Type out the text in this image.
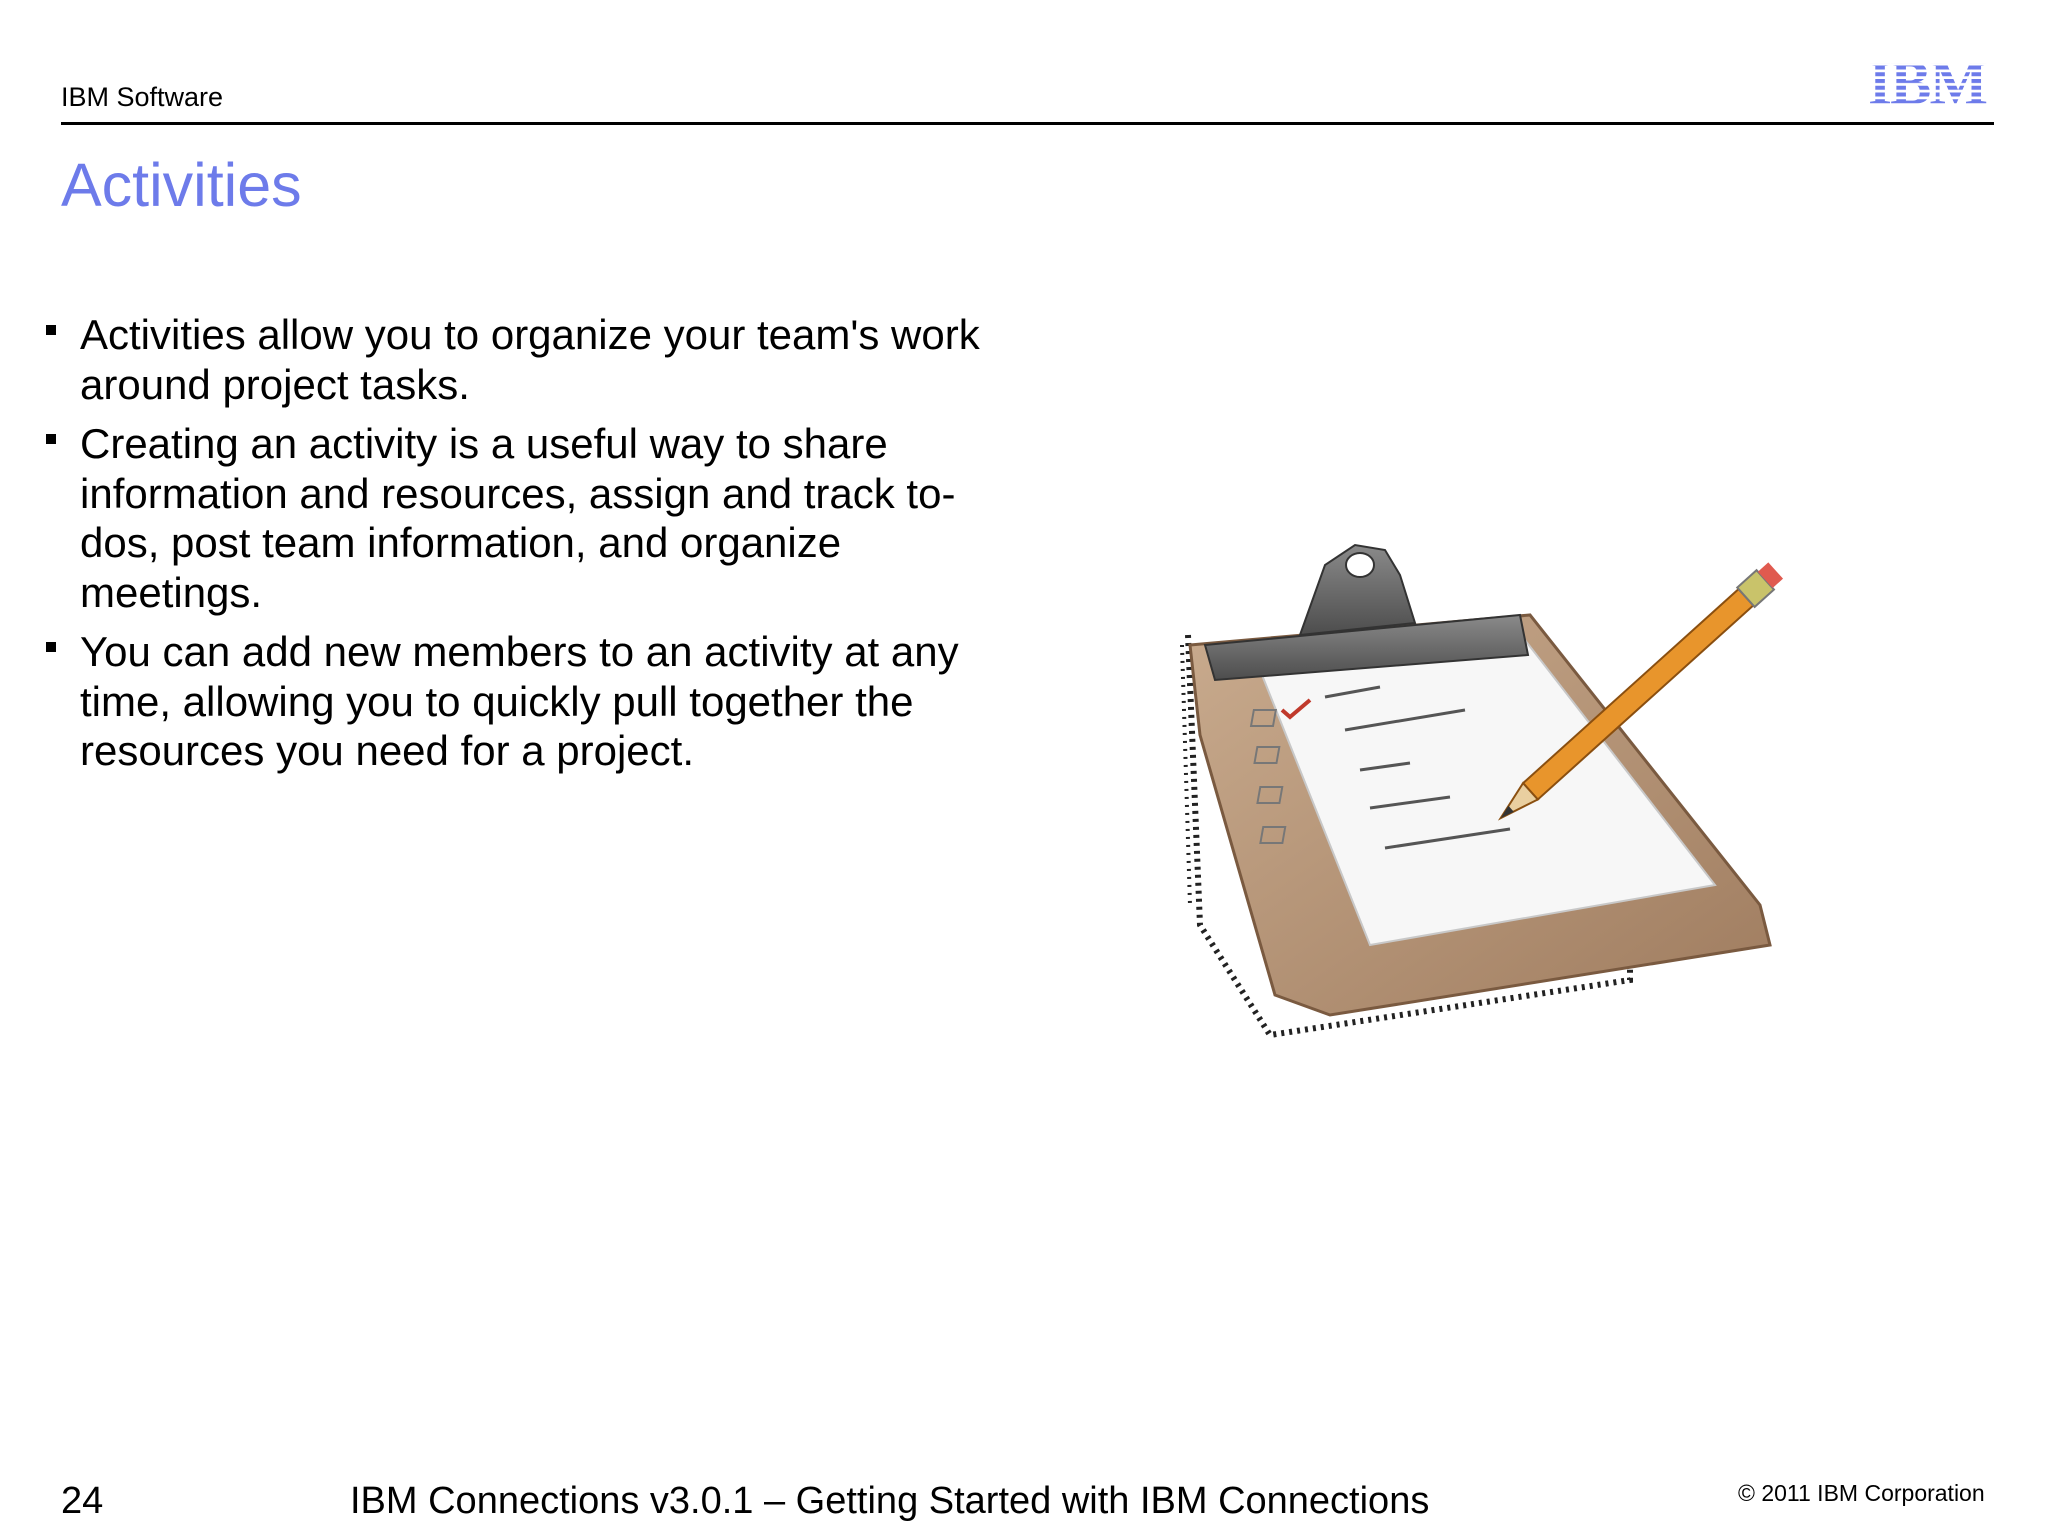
IBM Software	IBM
Activities
Activities allow you to organize your team's work around project tasks.
Creating an activity is a useful way to share information and resources, assign and track to-dos, post team information, and organize meetings.
You can add new members to an activity at any time, allowing you to quickly pull together the resources you need for a project.
24	IBM Connections v3.0.1 – Getting Started with IBM Connections	© 2011 IBM Corporation
